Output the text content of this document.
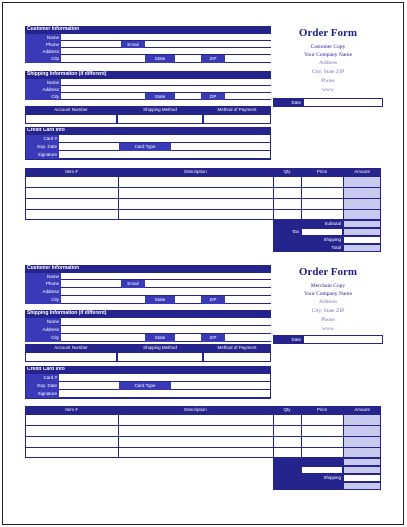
Customer Information
Name
Phone	Email
Address
City	State	ZIP
Shipping Information (if different)
Name
Address
City	State	ZIP
Account Number	Shipping Method	Method of Payment
Credit Card Info
Card #
Exp. Date	Card Type
Signature
Item #	Description	Qty	Price	Amount
Subtotal
Tax
Shipping
Total
Order Form
Customer Copy
Your Company Name
Address
City, State ZIP
Phone
www
Date
Customer Information
Name
Phone	Email
Address
City	State	ZIP
Shipping Information (if different)
Name
Address
City	State	ZIP
Account Number	Shipping Method	Method of Payment
Credit Card Info
Card #
Exp. Date	Card Type
Signature
Item #	Description	Qty	Price	Amount
Shipping
Order Form
Merchant Copy
Your Company Name
Address
City, State ZIP
Phone
www
Date
